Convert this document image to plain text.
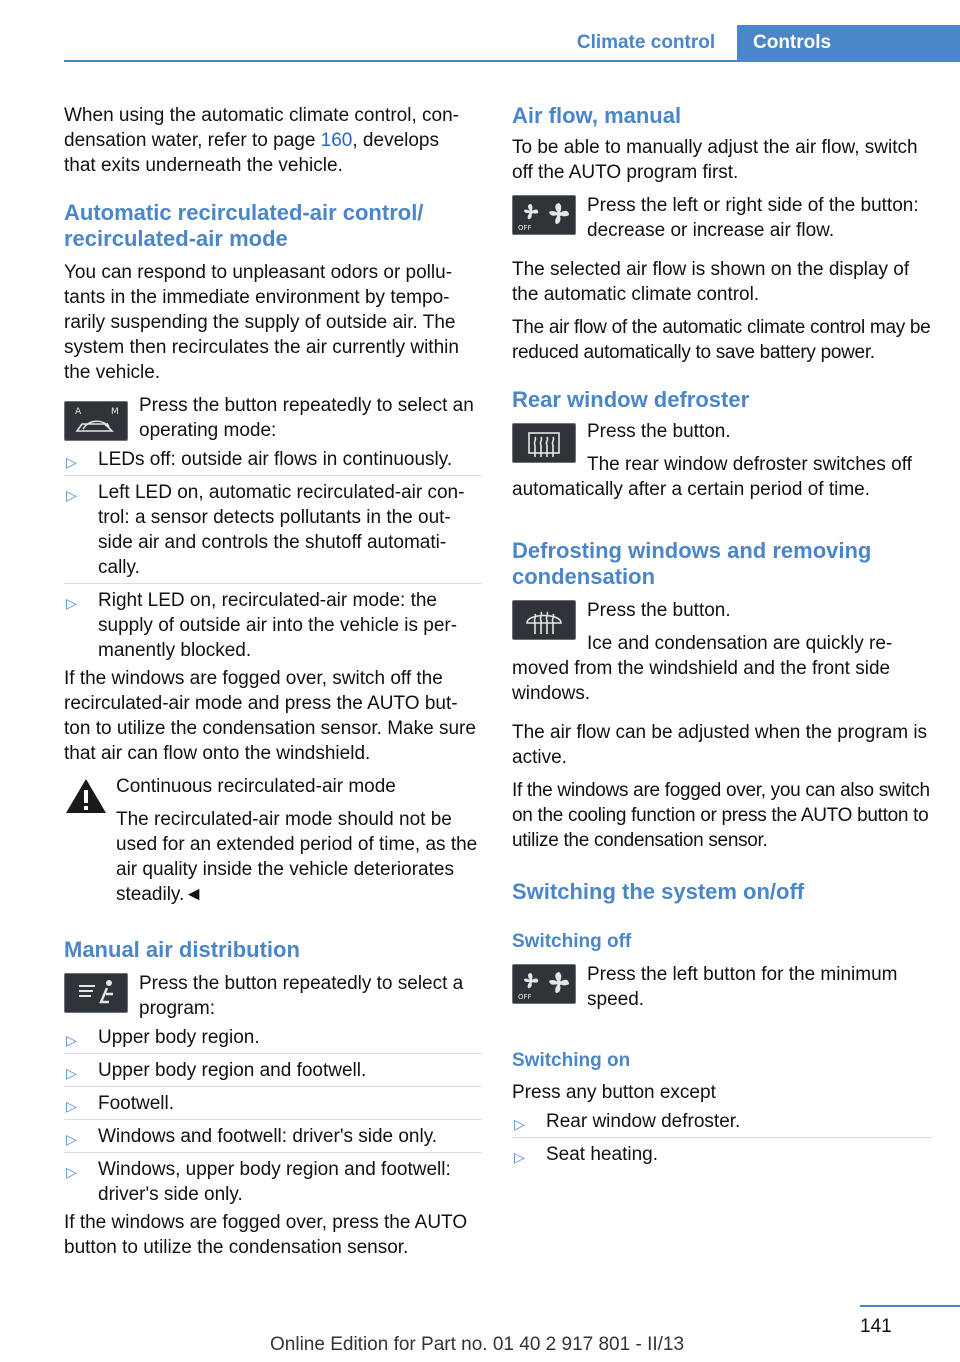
Climate control	Controls

When using the automatic climate control, con-
densation water, refer to page 160, develops
that exits underneath the vehicle.

Automatic recirculated-air control/ recirculated-air mode

You can respond to unpleasant odors or pollu-tants in the immediate environment by tempo-rarily suspending the supply of outside air. The system then recirculates the air currently within the vehicle.

A	M Press the button repeatedly to select an operating mode:

▷ LEDs off: outside air flows in continuously.
▷ Left LED on, automatic recirculated-air con-trol: a sensor detects pollutants in the out-side air and controls the shutoff automati-cally.
▷ Right LED on, recirculated-air mode: the supply of outside air into the vehicle is per-manently blocked.

If the windows are fogged over, switch off the recirculated-air mode and press the AUTO but-ton to utilize the condensation sensor. Make sure that air can flow onto the windshield.

Continuous recirculated-air mode

The recirculated-air mode should not be used for an extended period of time, as the air quality inside the vehicle deteriorates steadily.◄

Manual air distribution

Press the button repeatedly to select a program:

▷ Upper body region.
▷ Upper body region and footwell.
▷ Footwell.
▷ Windows and footwell: driver's side only.
▷ Windows, upper body region and footwell: driver's side only.

If the windows are fogged over, press the AUTO button to utilize the condensation sensor.

Air flow, manual

To be able to manually adjust the air flow, switch off the AUTO program first.

OFF

Press the left or right side of the button: decrease or increase air flow.

The selected air flow is shown on the display of the automatic climate control.

The air flow of the automatic climate control may be reduced automatically to save battery power.

Rear window defroster

Press the button.

The rear window defroster switches off automatically after a certain period of time.

Defrosting windows and removing condensation

Press the button.

Ice and condensation are quickly re-moved from the windshield and the front side windows.

The air flow can be adjusted when the program is active.

If the windows are fogged over, you can also switch on the cooling function or press the AUTO button to utilize the condensation sensor.

Switching the system on/off
Switching off
OFF

Press the left button for the minimum speed.

Switching on

Press any button except

▷ Rear window defroster.
▷ Seat heating.
141
Online Edition for Part no. 01 40 2 917 801 - II/13
